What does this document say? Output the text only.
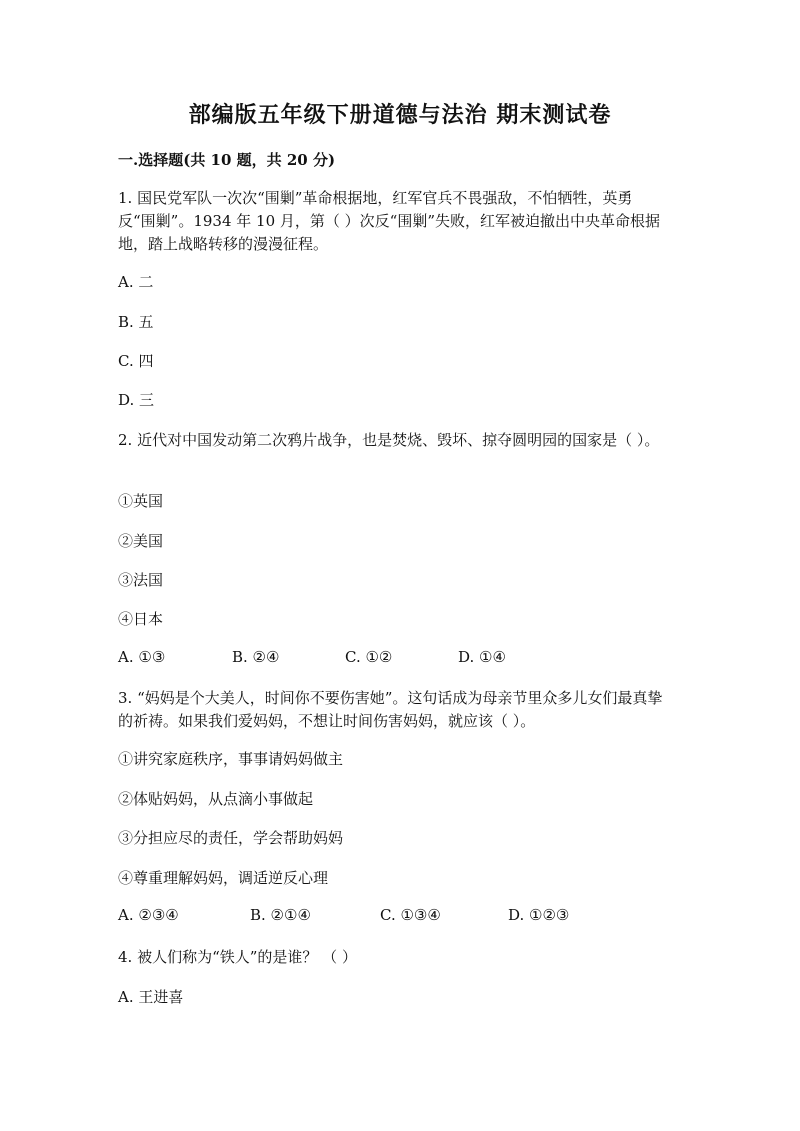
部编版五年级下册道德与法治 期末测试卷
一.选择题(共 10 题，共 20 分)
1. 国民党军队一次次“围剿”革命根据地，红军官兵不畏强敌，不怕牺牲，英勇反“围剿”。1934 年 10 月，第（ ）次反“围剿”失败，红军被迫撤出中央革命根据地，踏上战略转移的漫漫征程。
A. 二
B. 五
C. 四
D. 三
2. 近代对中国发动第二次鸦片战争，也是焚烧、毁坏、掠夺圆明园的国家是（ ）。
①英国
②美国
③法国
④日本
A. ①③	B. ②④	C. ①②	D. ①④
3. “妈妈是个大美人，时间你不要伤害她”。这句话成为母亲节里众多儿女们最真挚的祈祷。如果我们爱妈妈，不想让时间伤害妈妈，就应该（ ）。
①讲究家庭秩序，事事请妈妈做主
②体贴妈妈，从点滴小事做起
③分担应尽的责任，学会帮助妈妈
④尊重理解妈妈，调适逆反心理
A. ②③④	B. ②①④	C. ①③④	D. ①②③
4. 被人们称为“铁人”的是谁？ （ ）
A. 王进喜
